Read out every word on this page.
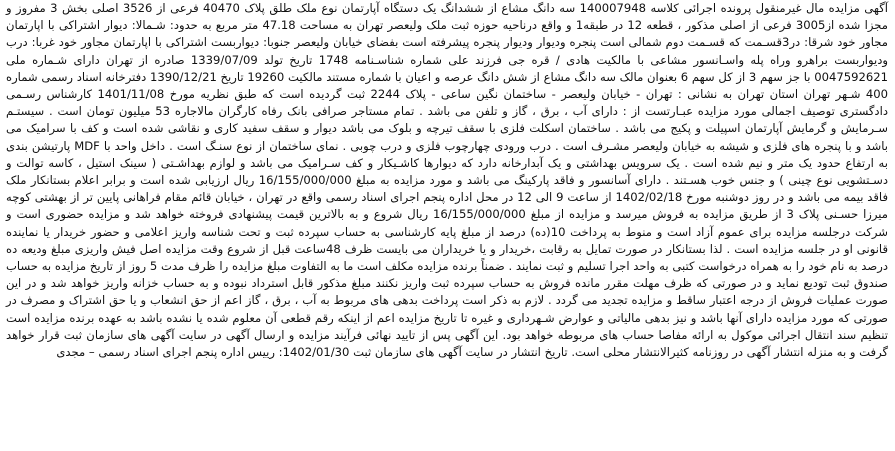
آگهی مزایده مال غیرمنقول پرونده اجرائی کلاسه 140007948 سه دانگ مشاع از ششدانگ یک دستگاه آپارتمان نوع ملک طلق پلاک 40470 فرعی از 3526 اصلی بخش 3 مفروز و مجزا شده از3005 فرعی از اصلی مذکور ، قطعه 12 در طبقه1 و واقع درناحیه حوزه ثبت ملک ولیعصر تهران به مساحت 47.18 متر مربع به حدود: شـمالا: دیوار اشتراکی با اپارتمان مجاور خود شرقا: در3قسـمت که قسـمت دوم شمالی است پنجره ودیوار ودیوار پنجره پیشرفته است بفضای خیابان ولیعصر جنوبا: دیواربست اشتراکی با اپارتمان مجاور خود غربا: درب ودیواربست براهرو وراه پله واسـانسور مشاعی با مالکیت هادی / قره جی فرزند علی شماره شناسـنامه 1748 تاریخ تولد 1339/07/09 صادره از تهران دارای شـماره ملی 0047592621 با جز سهم 3 از کل سهم 6 بعنوان مالک سه دانگ مشاع از شش دانگ عرصه و اعیان با شماره مستند مالکیت 19260 تاریخ 1390/12/21 دفترخانه اسناد رسمی شماره 400 شـهر تهران استان تهران به نشانی : تهران - خیابان ولیعصر - ساختمان نگین ساعی - پلاک 2244 ثبت گردیده است که طبق نظریه مورخ 1401/11/08 کارشناس رسـمی دادگستری توصیف اجمالی مورد مزایده عبـارتست از : دارای آب ، برق ، گاز و تلفن می باشد . تمام مستاجر صرافی بانک رفاه کارگران مالاجاره 53 میلیون تومان است . سیستـم سـرمایش و گرمایش آپارتمان اسپیلت و پکیج می باشد . ساختمان اسکلت فلزی با سقف تیرچه و بلوک می باشد دیوار و سقف سفید کاری و نقاشی شده است و کف با سرامیک می باشد و با پنجره های فلزی و شیشه به خیابان ولیعصر مشـرف است . درب ورودی چهارچوب فلزی و درب چوبی . نمای ساختمان از نوع سنـگ است . داخل واحد با MDF پارتیشن بندی به ارتفاع حدود یک متر و نیم شده است . یک سرویس بهداشتی و یک آبدارخانه دارد که دیوارها کاشـیکار و کف سـرامیک می باشد و لوازم بهداشـتی ( سینک استیل ، کاسه توالت و دسـتشویی نوع چینی ) و جنس خوب هسـتند . دارای آسانسور و فاقد پارکینگ می باشد و مورد مزایده به مبلغ 16/155/000/000 ریال ارزیابی شده است و برابر اعلام بستانکار ملک فاقد بیمه می باشد و در روز دوشنبه مورخ 1402/02/18 از ساعت 9 الی 12 در محل اداره پنجم اجرای اسناد رسمی واقع در تهران ، خیابان قائم مقام فراهانی پایین تر از بهشتی کوچه میرزا حسـنی پلاک 3 از طریق مزایده به فروش میرسد و مزایده از مبلغ 16/155/000/000 ریال شروع و به بالاترین قیمت پیشنهادی فروخته خواهد شد و مزایده حضوری است و شرکت درجلسه مزایده برای عموم آزاد است و منوط به پرداخت 10(ده) درصد از مبلغ پایه کارشناسی به حساب سپرده ثبت و تحت شناسه واریز اعلامی و حضور خریدار یا نماینده قانونی او در جلسه مزایده است . لذا بستانکار در صورت تمایل به رقابت ،خریدار و یا خریداران می بایست ظرف 48ساعت قبل از شروع وقت مزایده اصل فیش واریزی مبلغ ودیعه ده درصد به نام خود را به همراه درخواست کتبی به واحد اجرا تسلیم و ثبت نمایند . ضمناً برنده مزایده مکلف است ما به التفاوت مبلغ مزایده را ظرف مدت 5 روز از تاریخ مزایده به حساب صندوق ثبت تودیع نماید و در صورتی که ظرف مهلت مقرر مانده فروش به حساب سپرده ثبت واریز نکنند مبلغ مذکور قابل استرداد نبوده و به حساب خزانه واریز خواهد شد و در این صورت عملیات فروش از درجه اعتبار ساقط و مزایده تجدید می گردد . لازم به ذکر است پرداخت بدهی های مربوط به آب ، برق ، گاز اعم از حق انشعاب و یا حق اشتراک و مصرف در صورتی که مورد مزایده دارای آنها باشد و نیز بدهی مالیاتی و عوارض شـهرداری و غیره تا تاریخ مزایده اعم از اینکه رقم قطعی آن معلوم شده یا نشده باشد به عهده برنده مزایده است تنظیم سند انتقال اجرائی موکول به ارائه مفاصا حساب های مربوطه خواهد بود. این آگهی پس از تایید نهائی فرآیند مزایده و ارسال آگهی در سایت آگهی های سازمان ثبت قرار خواهد گرفت و به منزله انتشار آگهی در روزنامه کثیرالانتشار محلی است. تاریخ انتشار در سایت آگهی های سازمان ثبت 1402/01/30: رییس اداره پنجم اجرای اسناد رسمی – مجدی
